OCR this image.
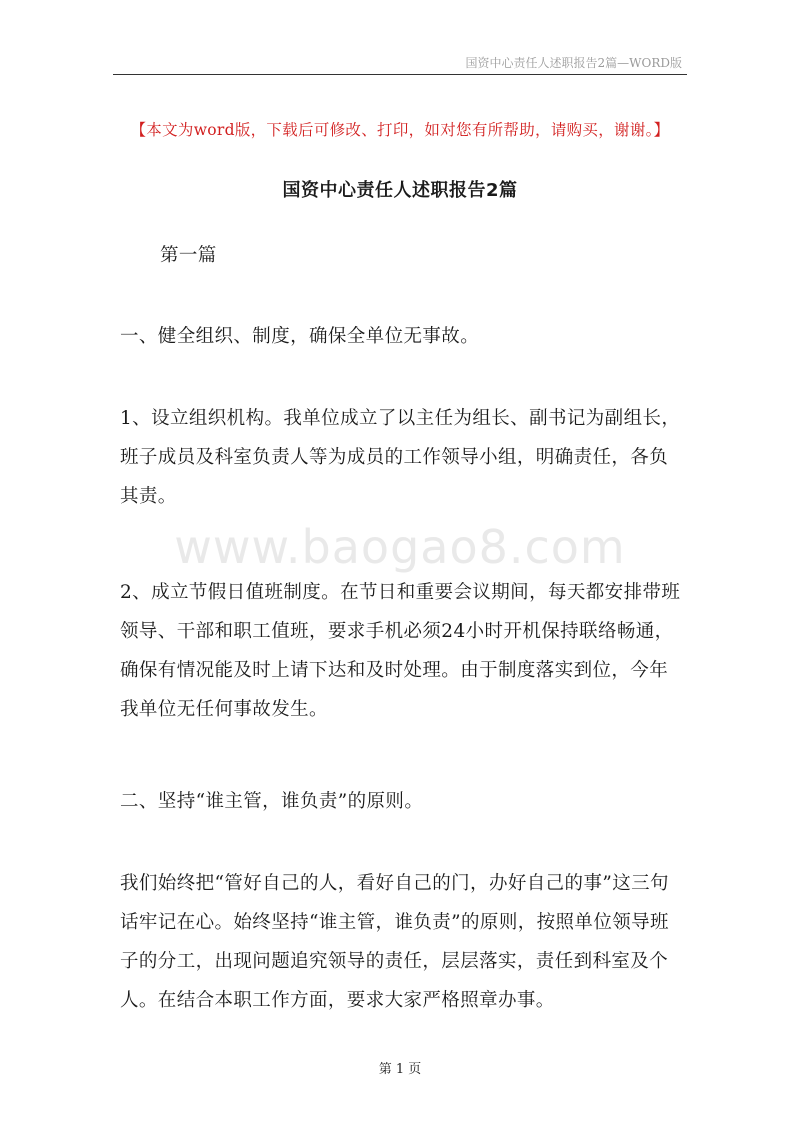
国资中心责任人述职报告2篇—WORD版
【本文为word版，下载后可修改、打印，如对您有所帮助，请购买，谢谢。】
国资中心责任人述职报告2篇

第一篇

一、健全组织、制度，确保全单位无事故。

1、设立组织机构。我单位成立了以主任为组长、副书记为副组长，班子成员及科室负责人等为成员的工作领导小组，明确责任，各负其责。

2、成立节假日值班制度。在节日和重要会议期间，每天都安排带班领导、干部和职工值班，要求手机必须24小时开机保持联络畅通，确保有情况能及时上请下达和及时处理。由于制度落实到位，今年我单位无任何事故发生。

二、坚持“谁主管，谁负责”的原则。

我们始终把“管好自己的人，看好自己的门，办好自己的事”这三句话牢记在心。始终坚持“谁主管，谁负责”的原则，按照单位领导班子的分工，出现问题追究领导的责任，层层落实，责任到科室及个人。在结合本职工作方面，要求大家严格照章办事。

www.baogao8.com
第 1 页
